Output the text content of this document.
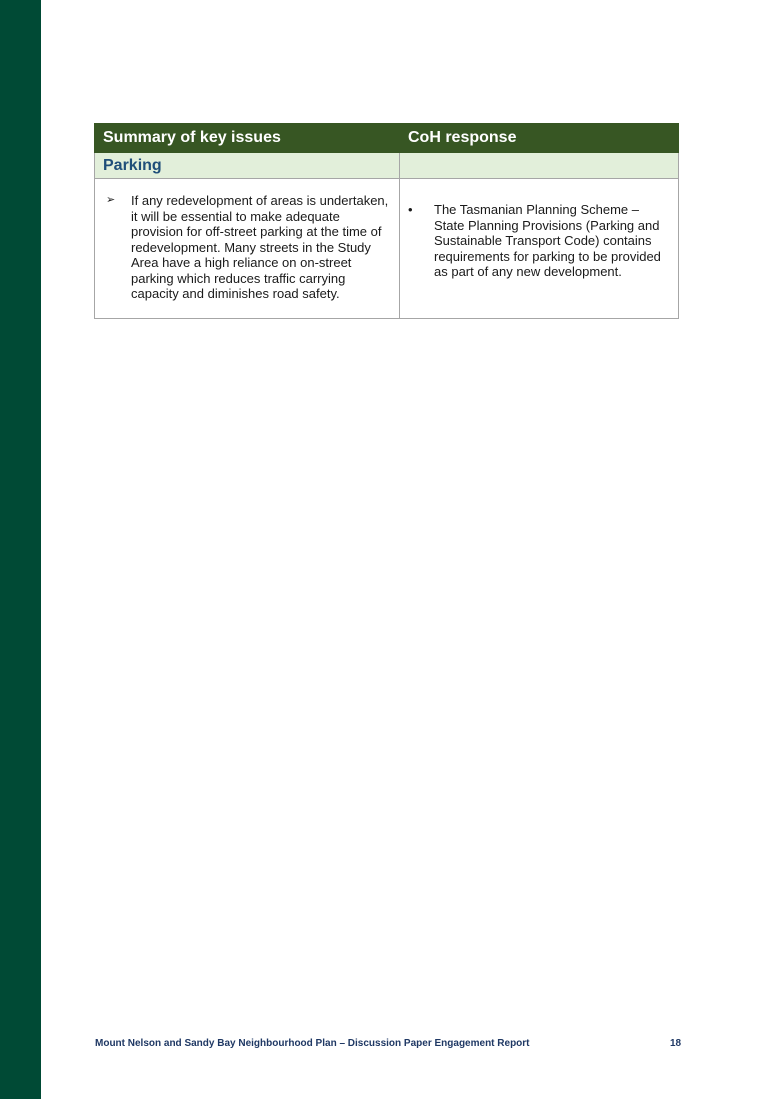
Summary of key issues	CoH response
Parking	

➢ If any redevelopment of areas is undertaken, it will be essential to make adequate provision for off-street parking at the time of redevelopment. Many streets in the Study Area have a high reliance on on-street parking which reduces traffic carrying capacity and diminishes road safety.	• The Tasmanian Planning Scheme – State Planning Provisions (Parking and Sustainable Transport Code) contains requirements for parking to be provided as part of any new development.
Mount Nelson and Sandy Bay Neighbourhood Plan – Discussion Paper Engagement Report	18
